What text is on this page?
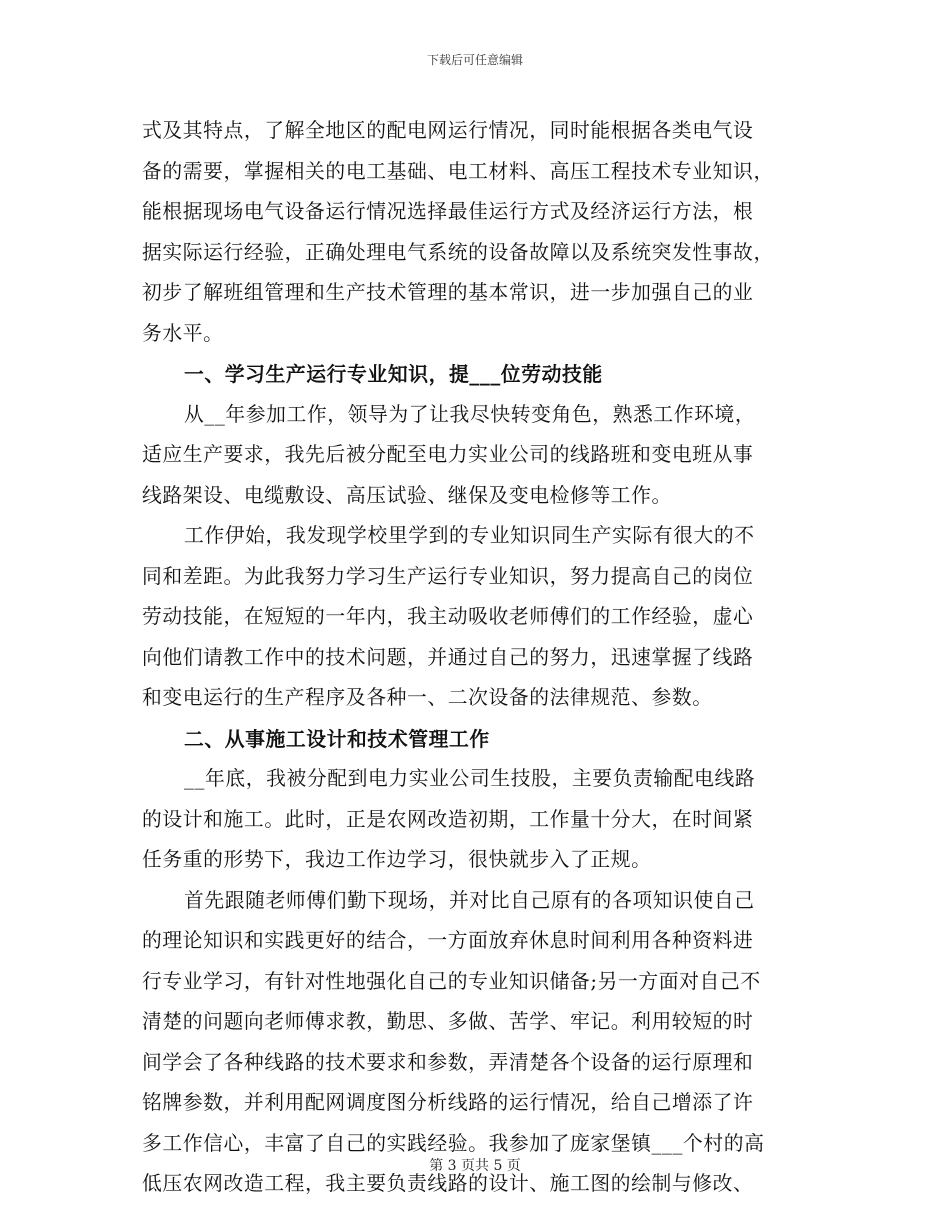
下载后可任意编辑
式及其特点，了解全地区的配电网运行情况，同时能根据各类电气设
备的需要，掌握相关的电工基础、电工材料、高压工程技术专业知识，
能根据现场电气设备运行情况选择最佳运行方式及经济运行方法，根
据实际运行经验，正确处理电气系统的设备故障以及系统突发性事故，
初步了解班组管理和生产技术管理的基本常识，进一步加强自己的业
务水平。
一、学习生产运行专业知识，提___位劳动技能
从__年参加工作，领导为了让我尽快转变角色，熟悉工作环境，
适应生产要求，我先后被分配至电力实业公司的线路班和变电班从事
线路架设、电缆敷设、高压试验、继保及变电检修等工作。
工作伊始，我发现学校里学到的专业知识同生产实际有很大的不
同和差距。为此我努力学习生产运行专业知识，努力提高自己的岗位
劳动技能，在短短的一年内，我主动吸收老师傅们的工作经验，虚心
向他们请教工作中的技术问题，并通过自己的努力，迅速掌握了线路
和变电运行的生产程序及各种一、二次设备的法律规范、参数。
二、从事施工设计和技术管理工作
__年底，我被分配到电力实业公司生技股，主要负责输配电线路
的设计和施工。此时，正是农网改造初期，工作量十分大，在时间紧
任务重的形势下，我边工作边学习，很快就步入了正规。
首先跟随老师傅们勤下现场，并对比自己原有的各项知识使自己
的理论知识和实践更好的结合，一方面放弃休息时间利用各种资料进
行专业学习，有针对性地强化自己的专业知识储备;另一方面对自己不
清楚的问题向老师傅求教，勤思、多做、苦学、牢记。利用较短的时
间学会了各种线路的技术要求和参数，弄清楚各个设备的运行原理和
铭牌参数，并利用配网调度图分析线路的运行情况，给自己增添了许
多工作信心，丰富了自己的实践经验。我参加了庞家堡镇___个村的高
低压农网改造工程，我主要负责线路的设计、施工图的绘制与修改、
第 3 页共 5 页
